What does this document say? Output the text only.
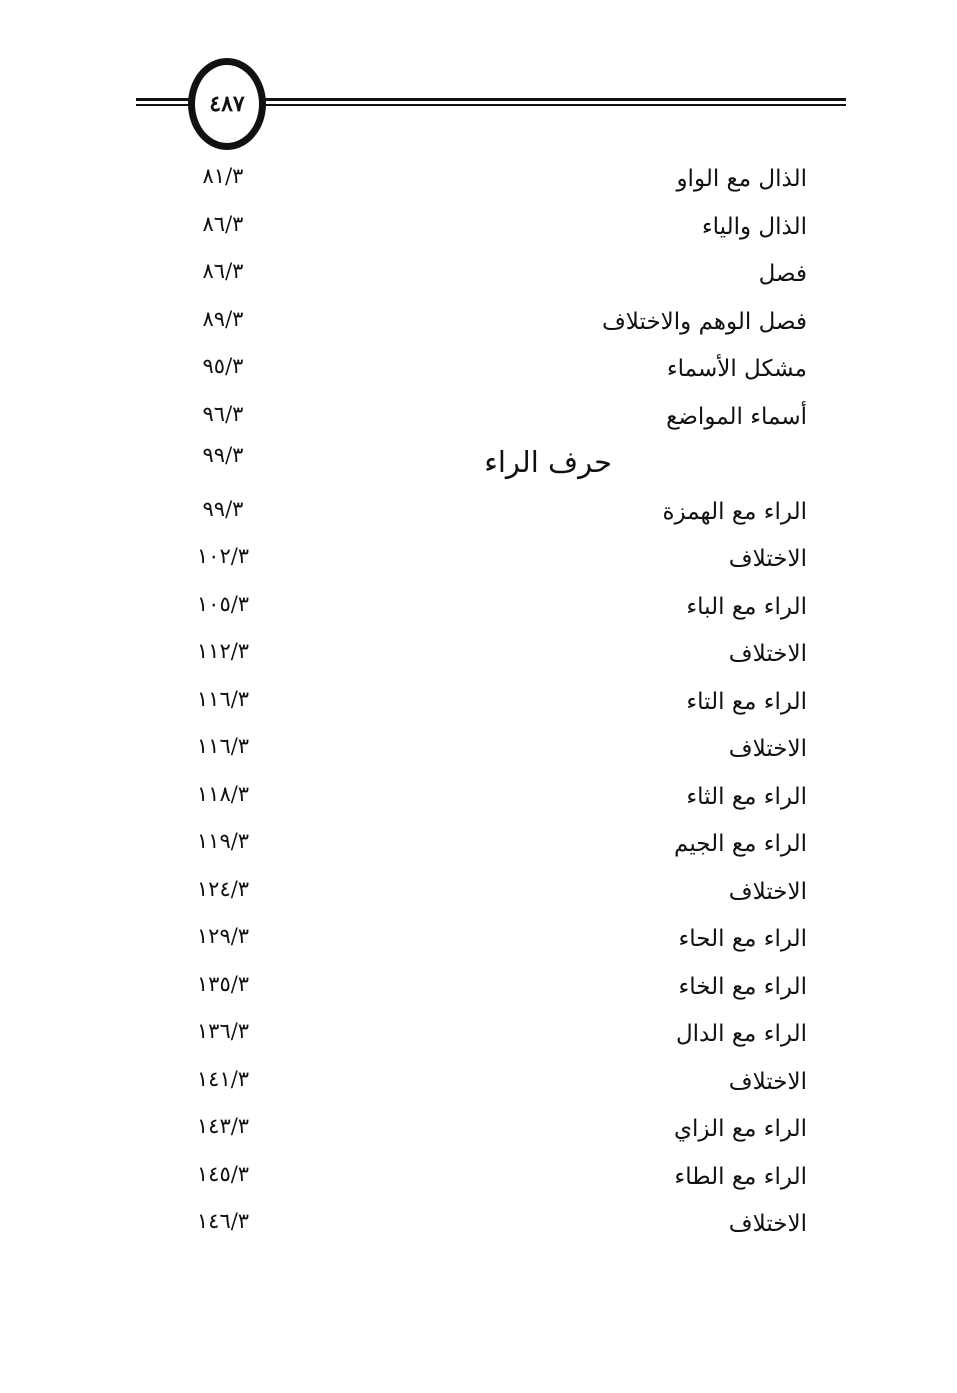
٤٨٧
الذال مع الواو
٨١/٣
الذال والياء
٨٦/٣
فصل
٨٦/٣
فصل الوهم والاختلاف
٨٩/٣
مشكل الأسماء
٩٥/٣
أسماء المواضع
٩٦/٣
حرف الراء
٩٩/٣
الراء مع الهمزة
٩٩/٣
الاختلاف
١٠٢/٣
الراء مع الباء
١٠٥/٣
الاختلاف
١١٢/٣
الراء مع التاء
١١٦/٣
الاختلاف
١١٦/٣
الراء مع الثاء
١١٨/٣
الراء مع الجيم
١١٩/٣
الاختلاف
١٢٤/٣
الراء مع الحاء
١٢٩/٣
الراء مع الخاء
١٣٥/٣
الراء مع الدال
١٣٦/٣
الاختلاف
١٤١/٣
الراء مع الزاي
١٤٣/٣
الراء مع الطاء
١٤٥/٣
الاختلاف
١٤٦/٣
